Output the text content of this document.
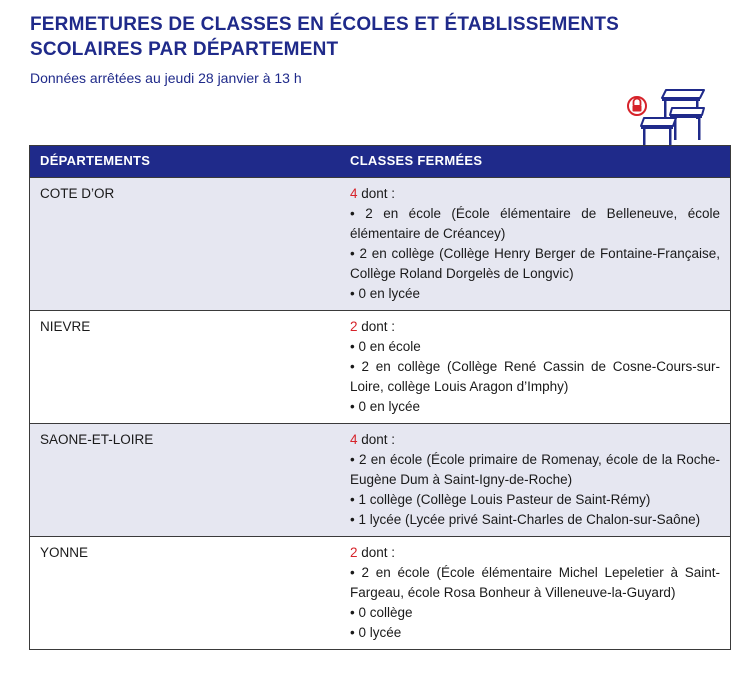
FERMETURES DE CLASSES EN ÉCOLES ET ÉTABLISSEMENTS SCOLAIRES PAR DÉPARTEMENT
Données arrêtées au jeudi 28 janvier à 13 h
DÉPARTEMENTS	CLASSES FERMÉES
COTE D’OR	4 dont :
• 2 en école (École élémentaire de Belleneuve, école élémentaire de Créancey)
• 2 en collège (Collège Henry Berger de Fontaine-Française, Collège Roland Dorgelès de Longvic)
• 0 en lycée

NIEVRE	2 dont :
• 0 en école
• 2 en collège (Collège René Cassin de Cosne-Cours-sur-Loire, collège Louis Aragon d’Imphy)
• 0 en lycée

SAONE-ET-LOIRE	4 dont :
• 2 en école (École primaire de Romenay, école de la Roche- Eugène Dum à Saint-Igny-de-Roche)
• 1 collège (Collège Louis Pasteur de Saint-Rémy)
• 1 lycée (Lycée privé Saint-Charles de Chalon-sur-Saône)

YONNE	2 dont :
• 2 en école (École élémentaire Michel Lepeletier à Saint-Fargeau, école Rosa Bonheur à Villeneuve-la-Guyard)
• 0 collège
• 0 lycée
